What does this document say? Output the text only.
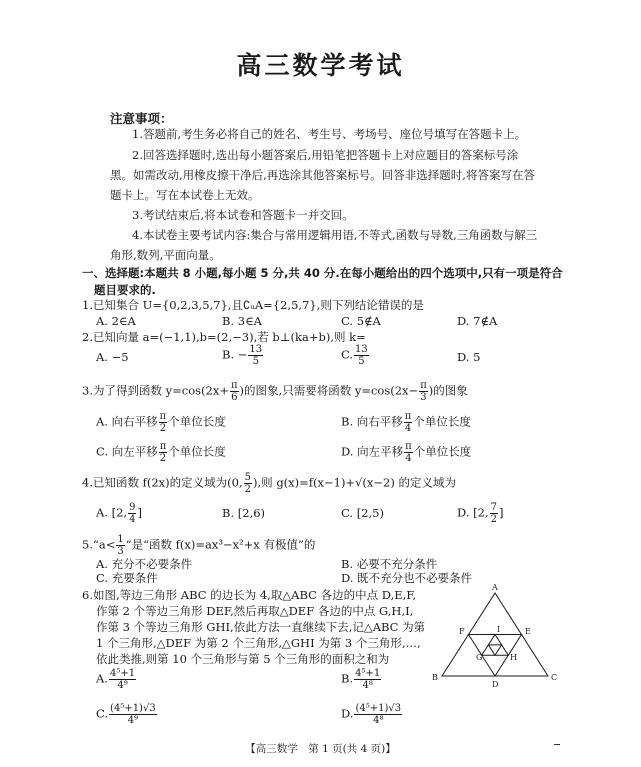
高三数学考试
注意事项：
1.答题前,考生务必将自己的姓名、考生号、考场号、座位号填写在答题卡上。
2.回答选择题时,选出每小题答案后,用铅笔把答题卡上对应题目的答案标号涂黑。如需改动,用橡皮擦干净后,再选涂其他答案标号。回答非选择题时,将答案写在答题卡上。写在本试卷上无效。
3.考试结束后,将本试卷和答题卡一并交回。
4.本试卷主要考试内容:集合与常用逻辑用语,不等式,函数与导数,三角函数与解三角形,数列,平面向量。
一、选择题:本题共 8 小题,每小题 5 分,共 40 分.在每小题给出的四个选项中,只有一项是符合
题目要求的.
1.已知集合 U={0,2,3,5,7},且∁ᵤA={2,5,7},则下列结论错误的是
A. 2∈A	B. 3∈A	C. 5∉A	D. 7∉A
2.已知向量 a=(−1,1),b=(2,−3),若 b⊥(ka+b),则 k=
A. −5	B. − $\frac{13}{5}$	C. $\frac{13}{5}$	D. 5
3.为了得到函数 $y=\cos(2x+ \frac{\pi}{6}$ )的图象,只需要将函数 $y=\cos(2x- \frac{\pi}{3}$ )的图象
A. 向右平移 $\frac{\pi}{2}$ 个单位长度	B. 向右平移 $\frac{\pi}{4}$ 个单位长度
C. 向左平移 $\frac{\pi}{2}$ 个单位长度	D. 向左平移 $\frac{\pi}{4}$ 个单位长度
4.已知函数 f(2x)的定义域为(0, $\frac{5}{2}$ ),则 g(x)=f(x−1)+√(x−2) 的定义域为
A. [2, $\frac{9}{4}$ ]	B. [2,6)	C. [2,5)	D. [2, $\frac{7}{2}$ ]
5.“a< $\frac{1}{3}$ ”是“函数 f(x)=ax³−x²+x 有极值”的
A. 充分不必要条件	B. 必要不充分条件
C. 充要条件	D. 既不充分也不必要条件
6.如图,等边三角形 ABC 的边长为 4,取△ABC 各边的中点 D,E,F,
作第 2 个等边三角形 DEF,然后再取△DEF 各边的中点 G,H,I,
作第 3 个等边三角形 GHI,依此方法一直继续下去,记△ABC 为第
1 个三角形,△DEF 为第 2 个三角形,△GHI 为第 3 个三角形,…,
依此类推,则第 10 个三角形与第 5 个三角形的面积之和为
A. $\frac{\text{4⁵+1}}{\text{4⁹}}$	B. $\frac{\text{4⁵+1}}{\text{4⁸}}$
C. $\frac{\text{(4⁵+1)√3}}{\text{4⁹}}$	D. $\frac{\text{(4⁵+1)√3}}{\text{4⁸}}$
A
B	C
D
E
F
G	H
I
【高三数学　第 1 页(共 4 页)】
